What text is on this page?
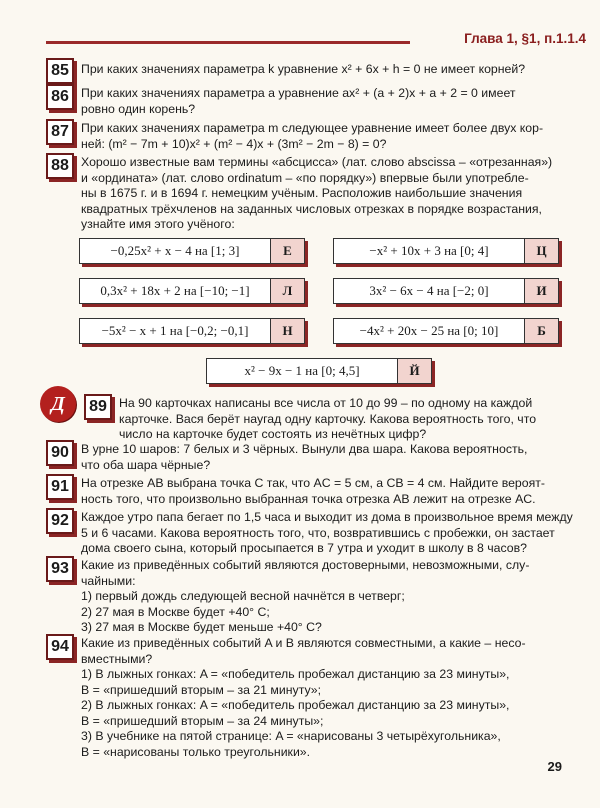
Глава 1, §1, п.1.1.4
85 При каких значениях параметра k уравнение x² + 6x + h = 0 не имеет корней?
86 При каких значениях параметра a уравнение ax² + (a + 2)x + a + 2 = 0 имеет
ровно один корень?
87 При каких значениях параметра m следующее уравнение имеет более двух кор-
ней: (m² − 7m + 10)x² + (m² − 4)x + (3m² − 2m − 8) = 0?
88 Хорошо известные вам термины «абсцисса» (лат. слово abscissa – «отрезанная»)
и «ордината» (лат. слово ordinatum – «по порядку») впервые были употребле-
ны в 1675 г. и в 1694 г. немецким учёным. Расположив наибольшие значения
квадратных трёхчленов на заданных числовых отрезках в порядке возрастания,
узнайте имя этого учёного:
−0,25x² + x − 4 на [1; 3]	Е	−x² + 10x + 3 на [0; 4]	Ц
0,3x² + 18x + 2 на [−10; −1]	Л	3x² − 6x − 4 на [−2; 0]	И
−5x² − x + 1 на [−0,2; −0,1]	Н	−4x² + 20x − 25 на [0; 10]	Б
x² − 9x − 1 на [0; 4,5]	Й
Д	89 На 90 карточках написаны все числа от 10 до 99 – по одному на каждой
карточке. Вася берёт наугад одну карточку. Какова вероятность того, что
число на карточке будет состоять из нечётных цифр?
90 В урне 10 шаров: 7 белых и 3 чёрных. Вынули два шара. Какова вероятность,
что оба шара чёрные?
91 На отрезке AB выбрана точка C так, что AC = 5 см, а CB = 4 см. Найдите верoят-
ность того, что произвольно выбранная точка отрезка AB лежит на отрезке AC.
92 Каждое утро папа бегает по 1,5 часа и выходит из дома в произвольное время между
5 и 6 часами. Какова вероятность того, что, возвратившись с пробежки, он застает
дома своего сына, который просыпается в 7 утра и уходит в школу в 8 часов?
93 Какие из приведённых событий являются достоверными, невозможными, слу-
чайными:
1) первый дождь следующей весной начнётся в четверг;
2) 27 мая в Москве будет +40° C;
3) 27 мая в Москве будет меньше +40° C?
94 Какие из приведённых событий A и B являются совместными, а какие – несо-
вместными?
1) В лыжных гонках: A = «победитель пробежал дистанцию за 23 минуты»,
B = «пришедший вторым – за 21 минуту»;
2) В лыжных гонках: A = «победитель пробежал дистанцию за 23 минуты»,
B = «пришедший вторым – за 24 минуты»;
3) В учебнике на пятой странице: A = «нарисованы 3 четырёхугольника»,
B = «нарисованы только треугольники».
29
